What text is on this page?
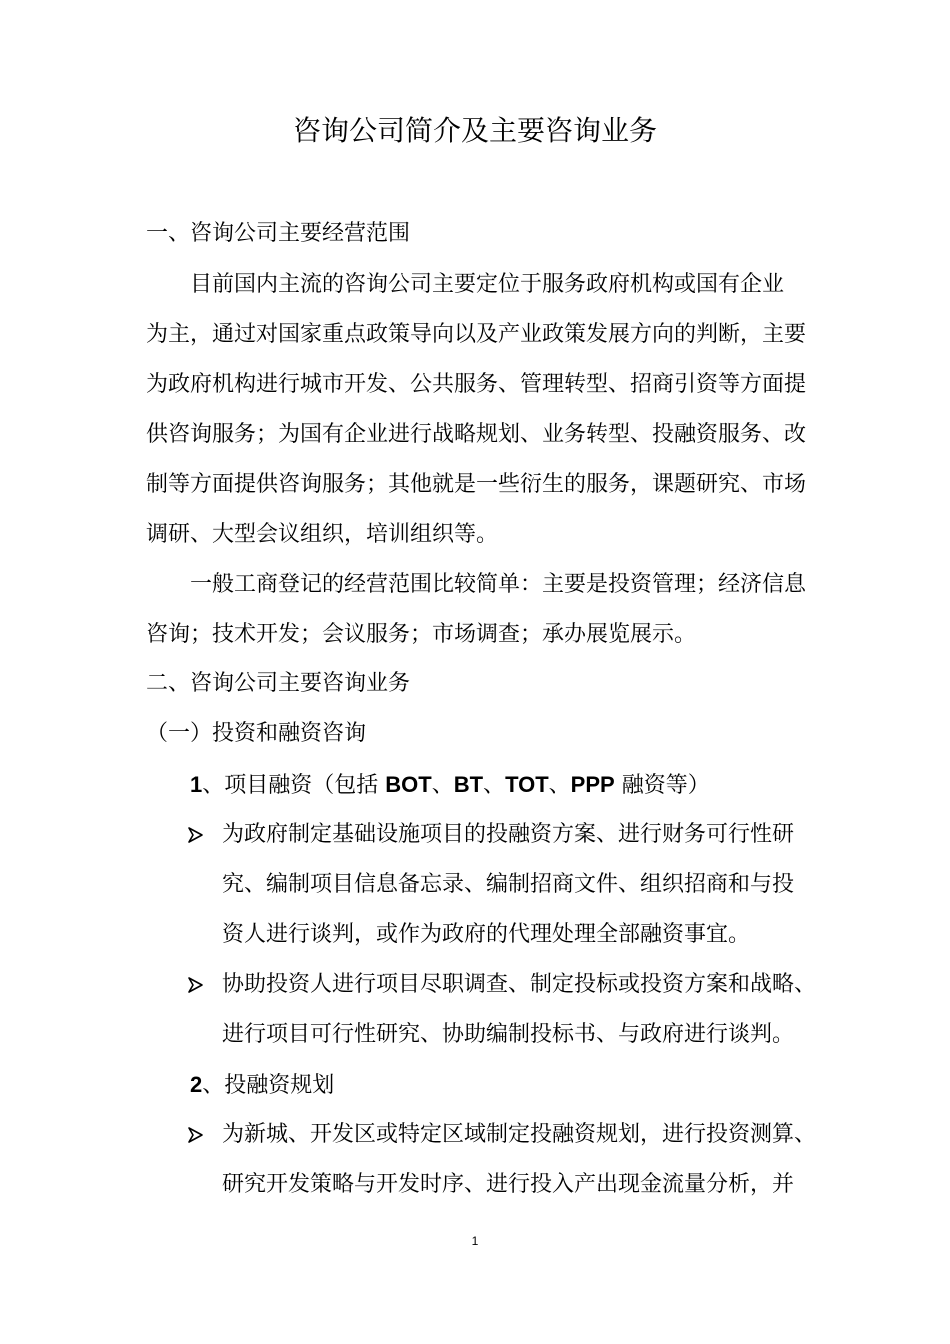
咨询公司简介及主要咨询业务
一、咨询公司主要经营范围
目前国内主流的咨询公司主要定位于服务政府机构或国有企业
为主，通过对国家重点政策导向以及产业政策发展方向的判断，主要
为政府机构进行城市开发、公共服务、管理转型、招商引资等方面提
供咨询服务；为国有企业进行战略规划、业务转型、投融资服务、改
制等方面提供咨询服务；其他就是一些衍生的服务，课题研究、市场
调研、大型会议组织，培训组织等。
一般工商登记的经营范围比较简单：主要是投资管理；经济信息
咨询；技术开发；会议服务；市场调查；承办展览展示。
二、咨询公司主要咨询业务
（一）投资和融资咨询
1、项目融资（包括 BOT、BT、TOT、PPP 融资等）
为政府制定基础设施项目的投融资方案、进行财务可行性研
究、编制项目信息备忘录、编制招商文件、组织招商和与投
资人进行谈判，或作为政府的代理处理全部融资事宜。
协助投资人进行项目尽职调查、制定投标或投资方案和战略、
进行项目可行性研究、协助编制投标书、与政府进行谈判。
2、投融资规划
为新城、开发区或特定区域制定投融资规划，进行投资测算、
研究开发策略与开发时序、进行投入产出现金流量分析，并
1
